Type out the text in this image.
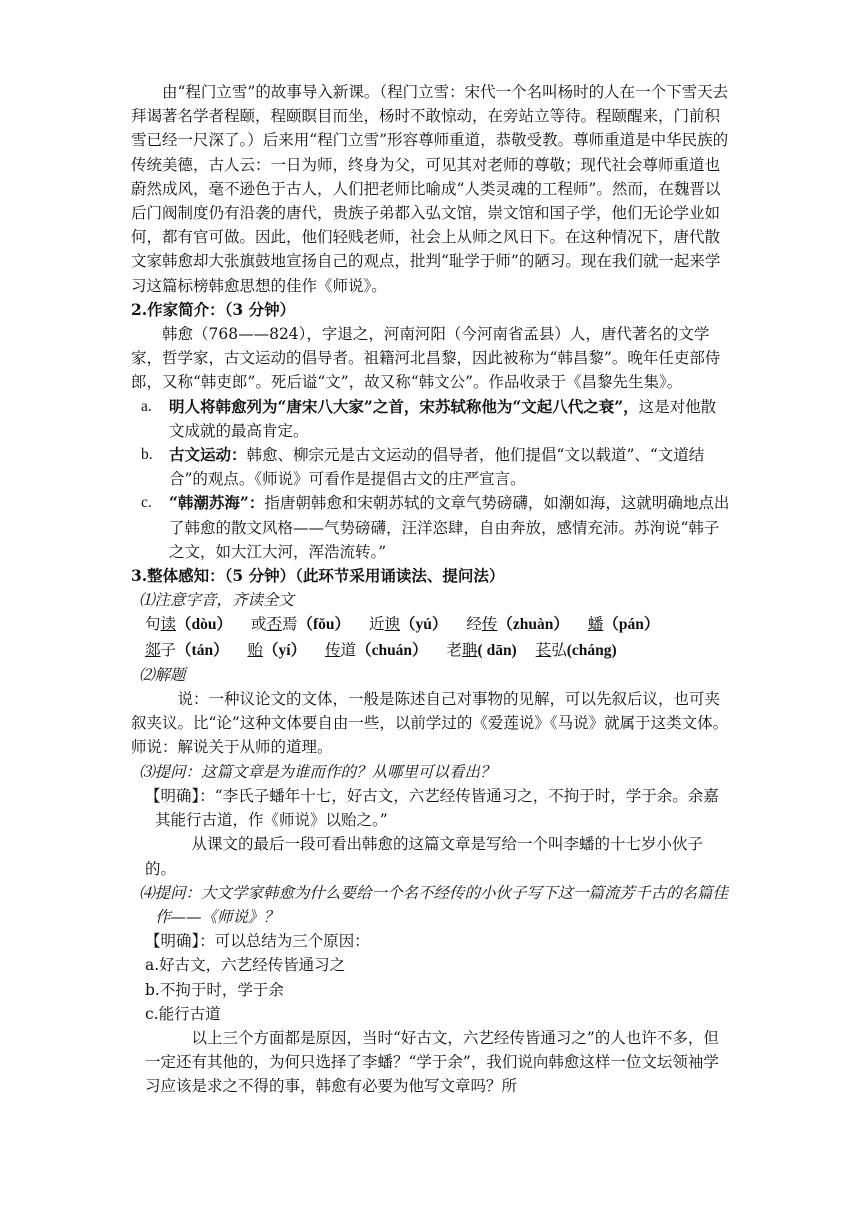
由“程门立雪”的故事导入新课。（程门立雪：宋代一个名叫杨时的人在一个下雪天去拜谒著名学者程颐，程颐瞑目而坐，杨时不敢惊动，在旁站立等待。程颐醒来，门前积雪已经一尺深了。）后来用“程门立雪”形容尊师重道，恭敬受教。尊师重道是中华民族的传统美德，古人云：一日为师，终身为父，可见其对老师的尊敬；现代社会尊师重道也蔚然成风，毫不逊色于古人，人们把老师比喻成“人类灵魂的工程师”。然而，在魏晋以后门阀制度仍有沿袭的唐代，贵族子弟都入弘文馆，崇文馆和国子学，他们无论学业如何，都有官可做。因此，他们轻贱老师，社会上从师之风日下。在这种情况下，唐代散文家韩愈却大张旗鼓地宣扬自己的观点，批判“耻学于师”的陋习。现在我们就一起来学习这篇标榜韩愈思想的佳作《师说》。

2.作家简介：（3 分钟）

韩愈（768——824），字退之，河南河阳（今河南省孟县）人，唐代著名的文学家，哲学家，古文运动的倡导者。祖籍河北昌黎，因此被称为“韩昌黎”。晚年任吏部侍郎，又称“韩吏郎”。死后谥“文”，故又称“韩文公”。作品收录于《昌黎先生集》。

a. 明人将韩愈列为“唐宋八大家”之首，宋苏轼称他为“文起八代之衰”，这是对他散文成就的最高肯定。
b. 古文运动：韩愈、柳宗元是古文运动的倡导者，他们提倡“文以载道”、“文道结合”的观点。《师说》可看作是提倡古文的庄严宣言。
c. “韩潮苏海”：指唐朝韩愈和宋朝苏轼的文章气势磅礴，如潮如海，这就明确地点出了韩愈的散文风格——气势磅礴，汪洋恣肆，自由奔放，感情充沛。苏洵说“韩子之文，如大江大河，浑浩流转。”

3.整体感知：（5 分钟）（此环节采用诵读法、提问法）

⑴注意字音，齐读全文

句读（dòu） 或否焉（fǒu） 近谀（yú） 经传（zhuàn） 蟠（pán）
郯子（tán） 贻（yí） 传道（chuán） 老聃( dān) 苌弘(cháng)

⑵解题

说：一种议论文的文体，一般是陈述自己对事物的见解，可以先叙后议，也可夹叙夹议。比“论”这种文体要自由一些，以前学过的《爱莲说》《马说》就属于这类文体。师说：解说关于从师的道理。

⑶提问：这篇文章是为谁而作的？从哪里可以看出？

【明确】：“李氏子蟠年十七，好古文，六艺经传皆通习之，不拘于时，学于余。余嘉其能行古道，作《师说》以贻之。”

从课文的最后一段可看出韩愈的这篇文章是写给一个叫李蟠的十七岁小伙子的。

⑷提问：大文学家韩愈为什么要给一个名不经传的小伙子写下这一篇流芳千古的名篇佳作——《师说》？

【明确】：可以总结为三个原因：

a.好古文，六艺经传皆通习之

b.不拘于时，学于余

c.能行古道

以上三个方面都是原因，当时“好古文，六艺经传皆通习之”的人也许不多，但一定还有其他的，为何只选择了李蟠？“学于余”，我们说向韩愈这样一位文坛领袖学习应该是求之不得的事，韩愈有必要为他写文章吗？所
